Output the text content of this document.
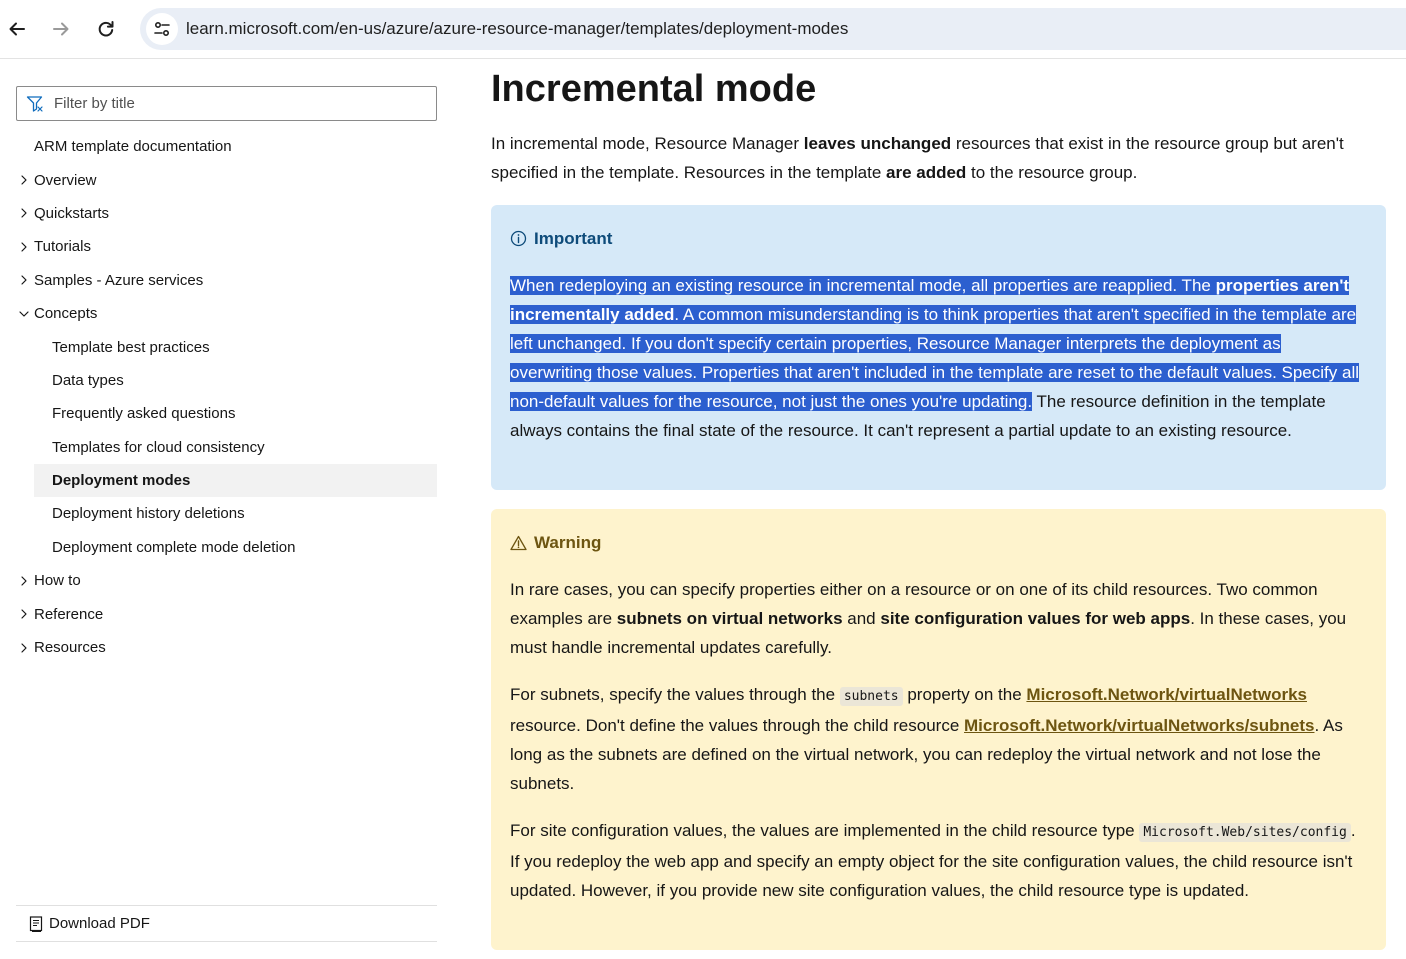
learn.microsoft.com/en-us/azure/azure-resource-manager/templates/deployment-modes
Filter by title
ARM template documentation
Overview
Quickstarts
Tutorials
Samples - Azure services
Concepts
Template best practices
Data types
Frequently asked questions
Templates for cloud consistency
Deployment modes
Deployment history deletions
Deployment complete mode deletion
How to
Reference
Resources
Download PDF
Incremental mode

In incremental mode, Resource Manager leaves unchanged resources that exist in the resource group but aren't specified in the template. Resources in the template are added to the resource group.

Important

When redeploying an existing resource in incremental mode, all properties are reapplied. The properties aren't incrementally added. A common misunderstanding is to think properties that aren't specified in the template are left unchanged. If you don't specify certain properties, Resource Manager interprets the deployment as overwriting those values. Properties that aren't included in the template are reset to the default values. Specify all non-default values for the resource, not just the ones you're updating. The resource definition in the template always contains the final state of the resource. It can't represent a partial update to an existing resource.

Warning

In rare cases, you can specify properties either on a resource or on one of its child resources. Two common examples are subnets on virtual networks and site configuration values for web apps. In these cases, you must handle incremental updates carefully.

For subnets, specify the values through the subnets property on the Microsoft.Network/virtualNetworks resource. Don't define the values through the child resource Microsoft.Network/virtualNetworks/subnets. As long as the subnets are defined on the virtual network, you can redeploy the virtual network and not lose the subnets.

For site configuration values, the values are implemented in the child resource type Microsoft.Web/sites/config . If you redeploy the web app and specify an empty object for the site configuration values, the child resource isn't updated. However, if you provide new site configuration values, the child resource type is updated.
